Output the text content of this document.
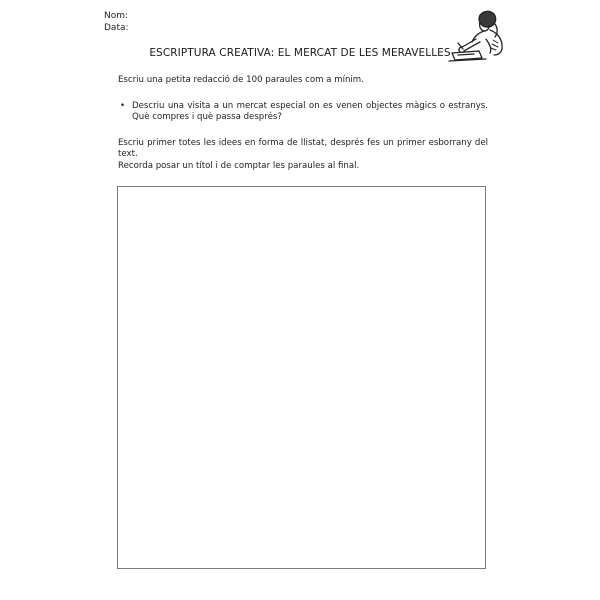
Nom:
Data:
ESCRIPTURA CREATIVA: EL MERCAT DE LES MERAVELLES

Escriu una petita redacció de 100 paraules com a mínim.

• Descriu una visita a un mercat especial on es venen objectes màgics o estranys. Què compres i què passa després?

Escriu primer totes les idees en forma de llistat, després fes un primer esborrany del text.

Recorda posar un títol i de comptar les paraules al final.
